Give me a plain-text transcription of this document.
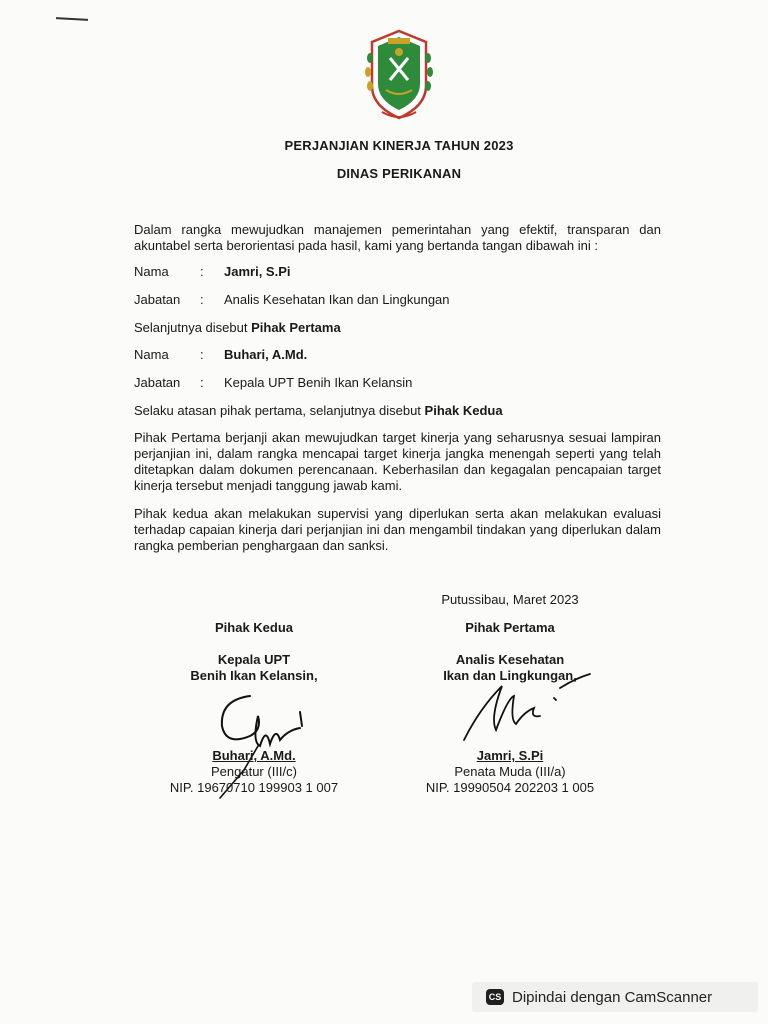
PERJANJIAN KINERJA TAHUN 2023
DINAS PERIKANAN
Dalam rangka mewujudkan manajemen pemerintahan yang efektif, transparan dan akuntabel serta berorientasi pada hasil, kami yang bertanda tangan dibawah ini :
Nama	: Jamri, S.Pi
Jabatan	: Analis Kesehatan Ikan dan Lingkungan
Selanjutnya disebut Pihak Pertama
Nama	: Buhari, A.Md.
Jabatan	: Kepala UPT Benih Ikan Kelansin
Selaku atasan pihak pertama, selanjutnya disebut Pihak Kedua
Pihak Pertama berjanji akan mewujudkan target kinerja yang seharusnya sesuai lampiran perjanjian ini, dalam rangka mencapai target kinerja jangka menengah seperti yang telah ditetapkan dalam dokumen perencanaan. Keberhasilan dan kegagalan pencapaian target kinerja tersebut menjadi tanggung jawab kami.
Pihak kedua akan melakukan supervisi yang diperlukan serta akan melakukan evaluasi terhadap capaian kinerja dari perjanjian ini dan mengambil tindakan yang diperlukan dalam rangka pemberian penghargaan dan sanksi.
Putussibau, Maret 2023
Pihak Kedua
Kepala UPT
Benih Ikan Kelansin,
Buhari, A.Md.
Pengatur (III/c)
NIP. 19670710 199903 1 007
Pihak Pertama
Analis Kesehatan
Ikan dan Lingkungan,
Jamri, S.Pi
Penata Muda (III/a)
NIP. 19990504 202203 1 005
CS Dipindai dengan CamScanner
